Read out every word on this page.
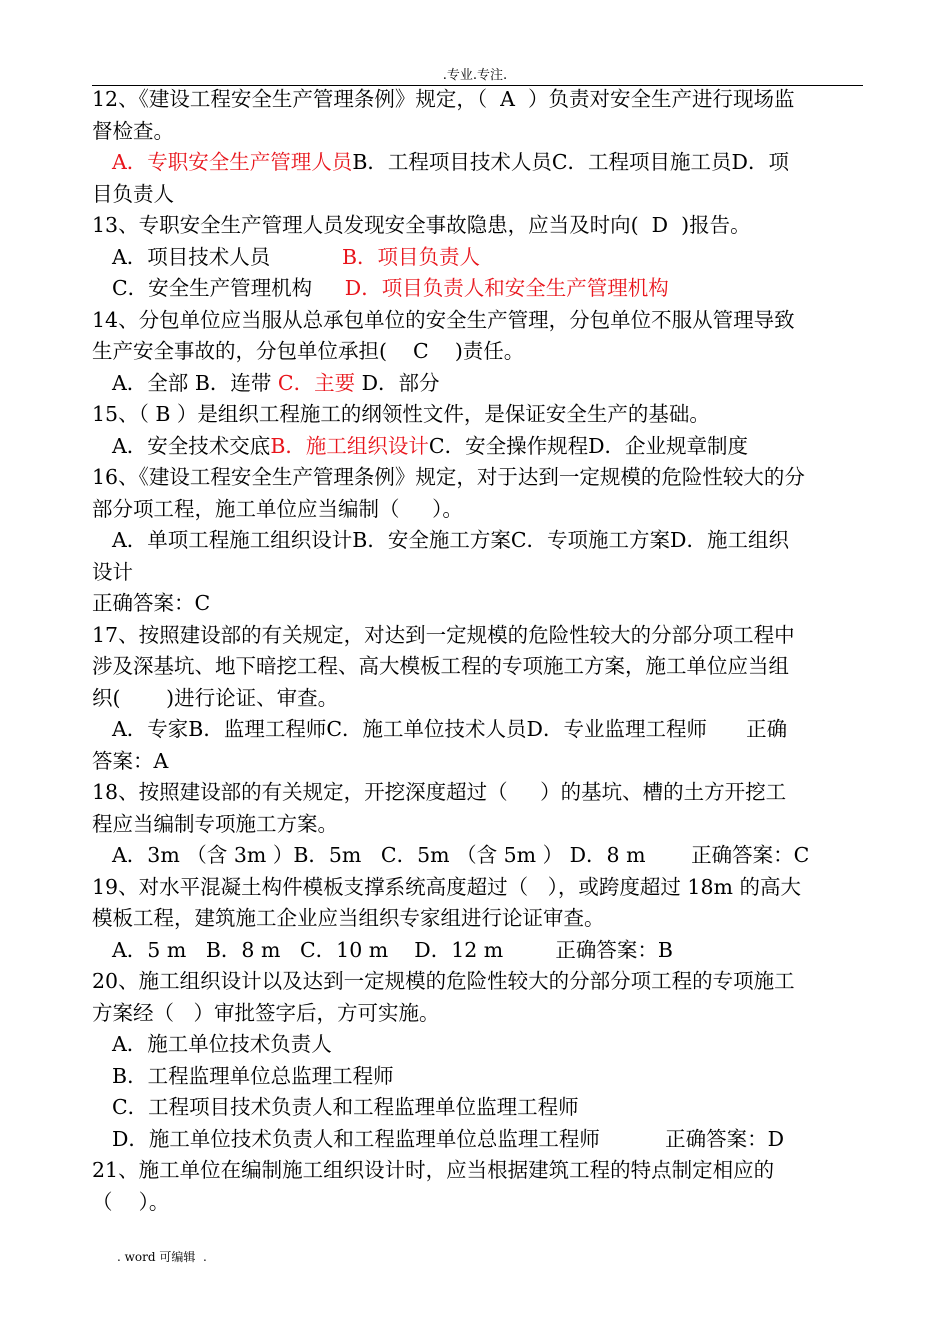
.专业.专注.
12、《建设工程安全生产管理条例》规定，（  A  ）负责对安全生产进行现场监
督检查。
A．专职安全生产管理人员B．工程项目技术人员C．工程项目施工员D．项
目负责人
13、专职安全生产管理人员发现安全事故隐患，应当及时向(  D  )报告。
A．项目技术人员           B．项目负责人
C．安全生产管理机构     D．项目负责人和安全生产管理机构
14、分包单位应当服从总承包单位的安全生产管理，分包单位不服从管理导致
生产安全事故的，分包单位承担(    C    )责任。
A．全部 B．连带 C．主要 D．部分
15、（ B ）是组织工程施工的纲领性文件，是保证安全生产的基础。
A．安全技术交底B．施工组织设计C．安全操作规程D．企业规章制度
16、《建设工程安全生产管理条例》规定，对于达到一定规模的危险性较大的分
部分项工程，施工单位应当编制（     ）。
A．单项工程施工组织设计B．安全施工方案C．专项施工方案D．施工组织
设计
正确答案：C
17、按照建设部的有关规定，对达到一定规模的危险性较大的分部分项工程中
涉及深基坑、地下暗挖工程、高大模板工程的专项施工方案，施工单位应当组
织(       )进行论证、审查。
A．专家B．监理工程师C．施工单位技术人员D．专业监理工程师      正确
答案：A
18、按照建设部的有关规定，开挖深度超过（     ）的基坑、槽的土方开挖工
程应当编制专项施工方案。
A．3m （含 3m ）B．5m   C．5m （含 5m ） D．8 m       正确答案：C
19、对水平混凝土构件模板支撑系统高度超过（   ），或跨度超过 18m 的高大
模板工程，建筑施工企业应当组织专家组进行论证审查。
A．5 m   B．8 m   C．10 m    D．12 m        正确答案：B
20、施工组织设计以及达到一定规模的危险性较大的分部分项工程的专项施工
方案经（   ）审批签字后，方可实施。
A．施工单位技术负责人
B．工程监理单位总监理工程师
C．工程项目技术负责人和工程监理单位监理工程师
D．施工单位技术负责人和工程监理单位总监理工程师          正确答案：D
21、施工单位在编制施工组织设计时，应当根据建筑工程的特点制定相应的
（    ）。
. word 可编辑  .
